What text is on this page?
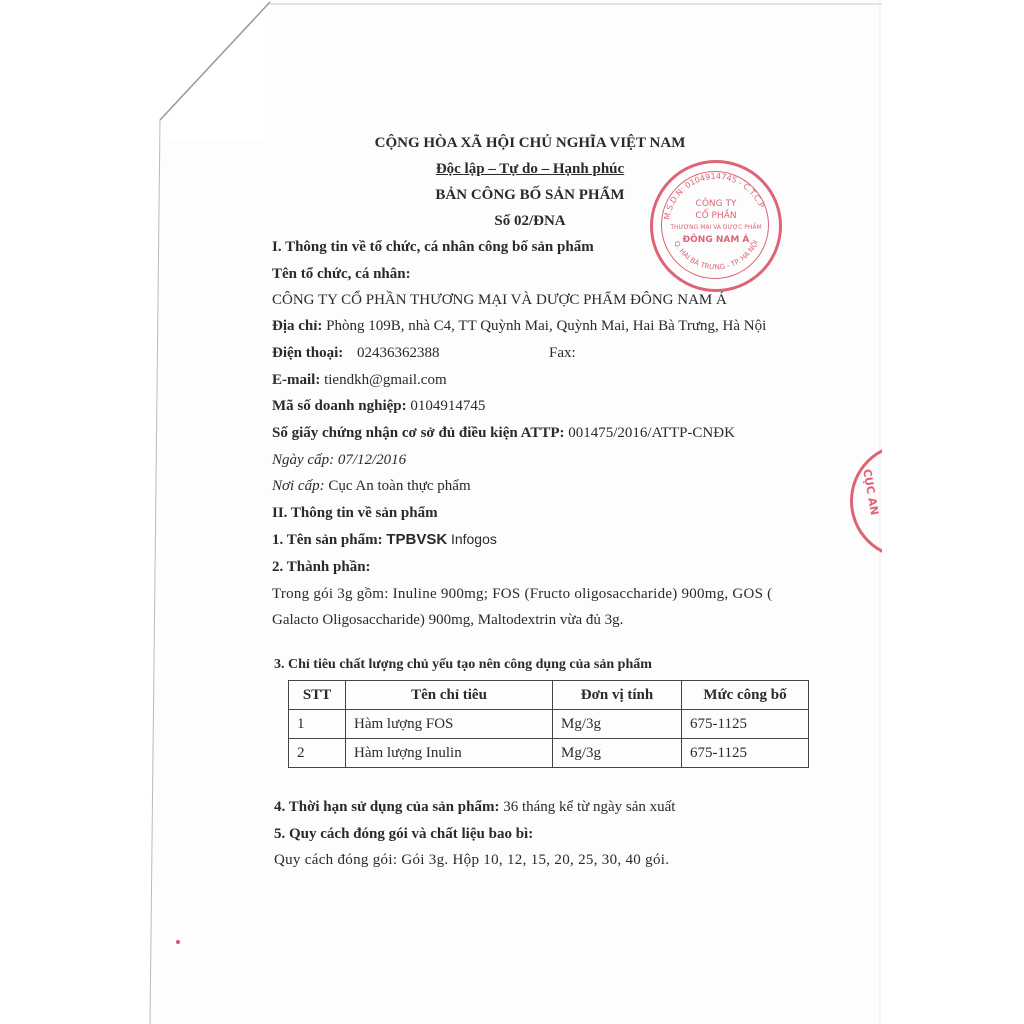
CỘNG HÒA XÃ HỘI CHỦ NGHĨA VIỆT NAM
Độc lập – Tự do – Hạnh phúc
BẢN CÔNG BỐ SẢN PHẨM
Số 02/ĐNA
I. Thông tin về tổ chức, cá nhân công bố sản phẩm
Tên tổ chức, cá nhân:
CÔNG TY CỔ PHẦN THƯƠNG MẠI VÀ DƯỢC PHẨM ĐÔNG NAM Á
Địa chỉ: Phòng 109B, nhà C4, TT Quỳnh Mai, Quỳnh Mai, Hai Bà Trưng, Hà Nội
Điện thoại: 02436362388	Fax:
E-mail: tiendkh@gmail.com
Mã số doanh nghiệp: 0104914745
Số giấy chứng nhận cơ sở đủ điều kiện ATTP: 001475/2016/ATTP-CNĐK
Ngày cấp: 07/12/2016
Nơi cấp: Cục An toàn thực phẩm
II. Thông tin về sản phẩm
1. Tên sản phẩm: TPBVSK Infogos
2. Thành phần:
Trong gói 3g gồm: Inuline 900mg; FOS (Fructo oligosaccharide) 900mg, GOS (
Galacto Oligosaccharide) 900mg, Maltodextrin vừa đủ 3g.
3. Chỉ tiêu chất lượng chủ yếu tạo nên công dụng của sản phẩm
STT	Tên chỉ tiêu	Đơn vị tính	Mức công bố
1	Hàm lượng FOS	Mg/3g	675-1125
2	Hàm lượng Inulin	Mg/3g	675-1125
4. Thời hạn sử dụng của sản phẩm: 36 tháng kể từ ngày sản xuất
5. Quy cách đóng gói và chất liệu bao bì:
Quy cách đóng gói: Gói 3g. Hộp 10, 12, 15, 20, 25, 30, 40 gói.
M.S.D.N: 0104914745 - C.T.C.P
Q. HAI BÀ TRƯNG - TP. HÀ NỘI
CÔNG TY
CỔ PHẦN
THƯƠNG MẠI VÀ DƯỢC PHẨM
ĐÔNG NAM Á
CỤC AN
